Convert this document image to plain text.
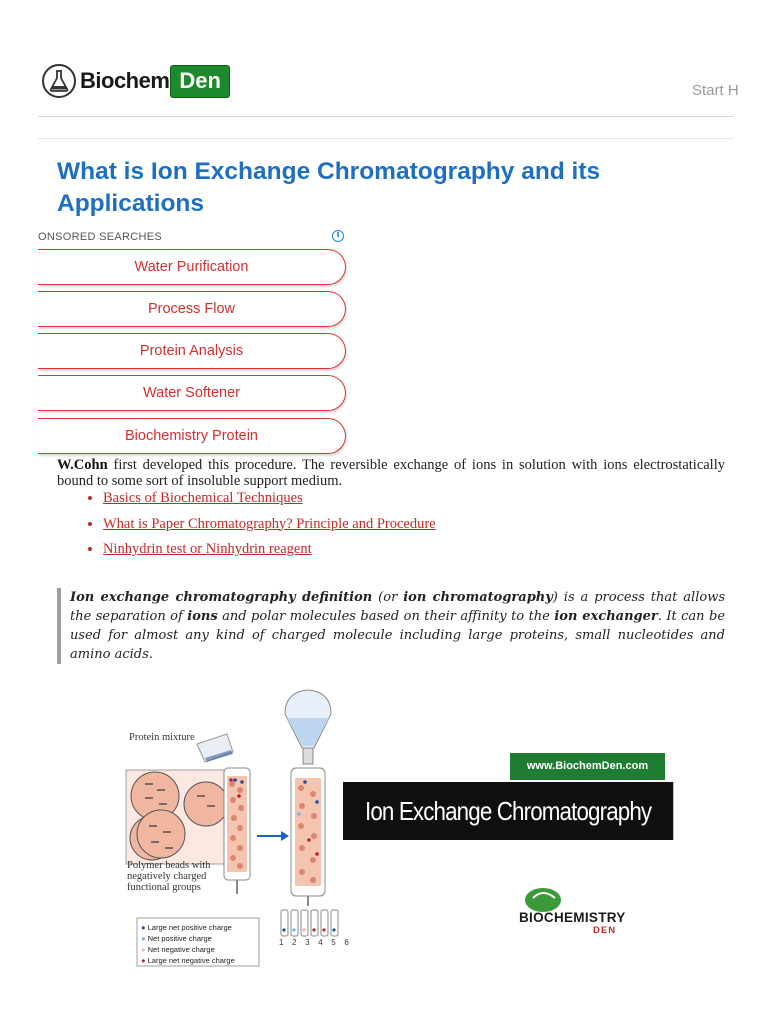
Biochem Den	Start H
What is Ion Exchange Chromatography and its Applications
ONSORED SEARCHES	i
Water Purification
Process Flow
Protein Analysis
Water Softener
Biochemistry Protein
W.Cohn first developed this procedure. The reversible exchange of ions in solution with ions electrostatically bound to some sort of insoluble support medium.
• Basics of Biochemical Techniques
• What is Paper Chromatography? Principle and Procedure
• Ninhydrin test or Ninhydrin reagent
Ion exchange chromatography definition (or ion chromatography) is a process that allows the separation of ions and polar molecules based on their affinity to the ion exchanger. It can be used for almost any kind of charged molecule including large proteins, small nucleotides and amino acids.
Protein mixture
Polymer beads with negatively charged functional groups
1 2 3 4 5 6
● Large net positive charge
● Net positive charge
● Net negative charge
● Large net negative charge
www.BiochemDen.com
Ion Exchange Chromatography
BIOCHEMISTRY
DEN
